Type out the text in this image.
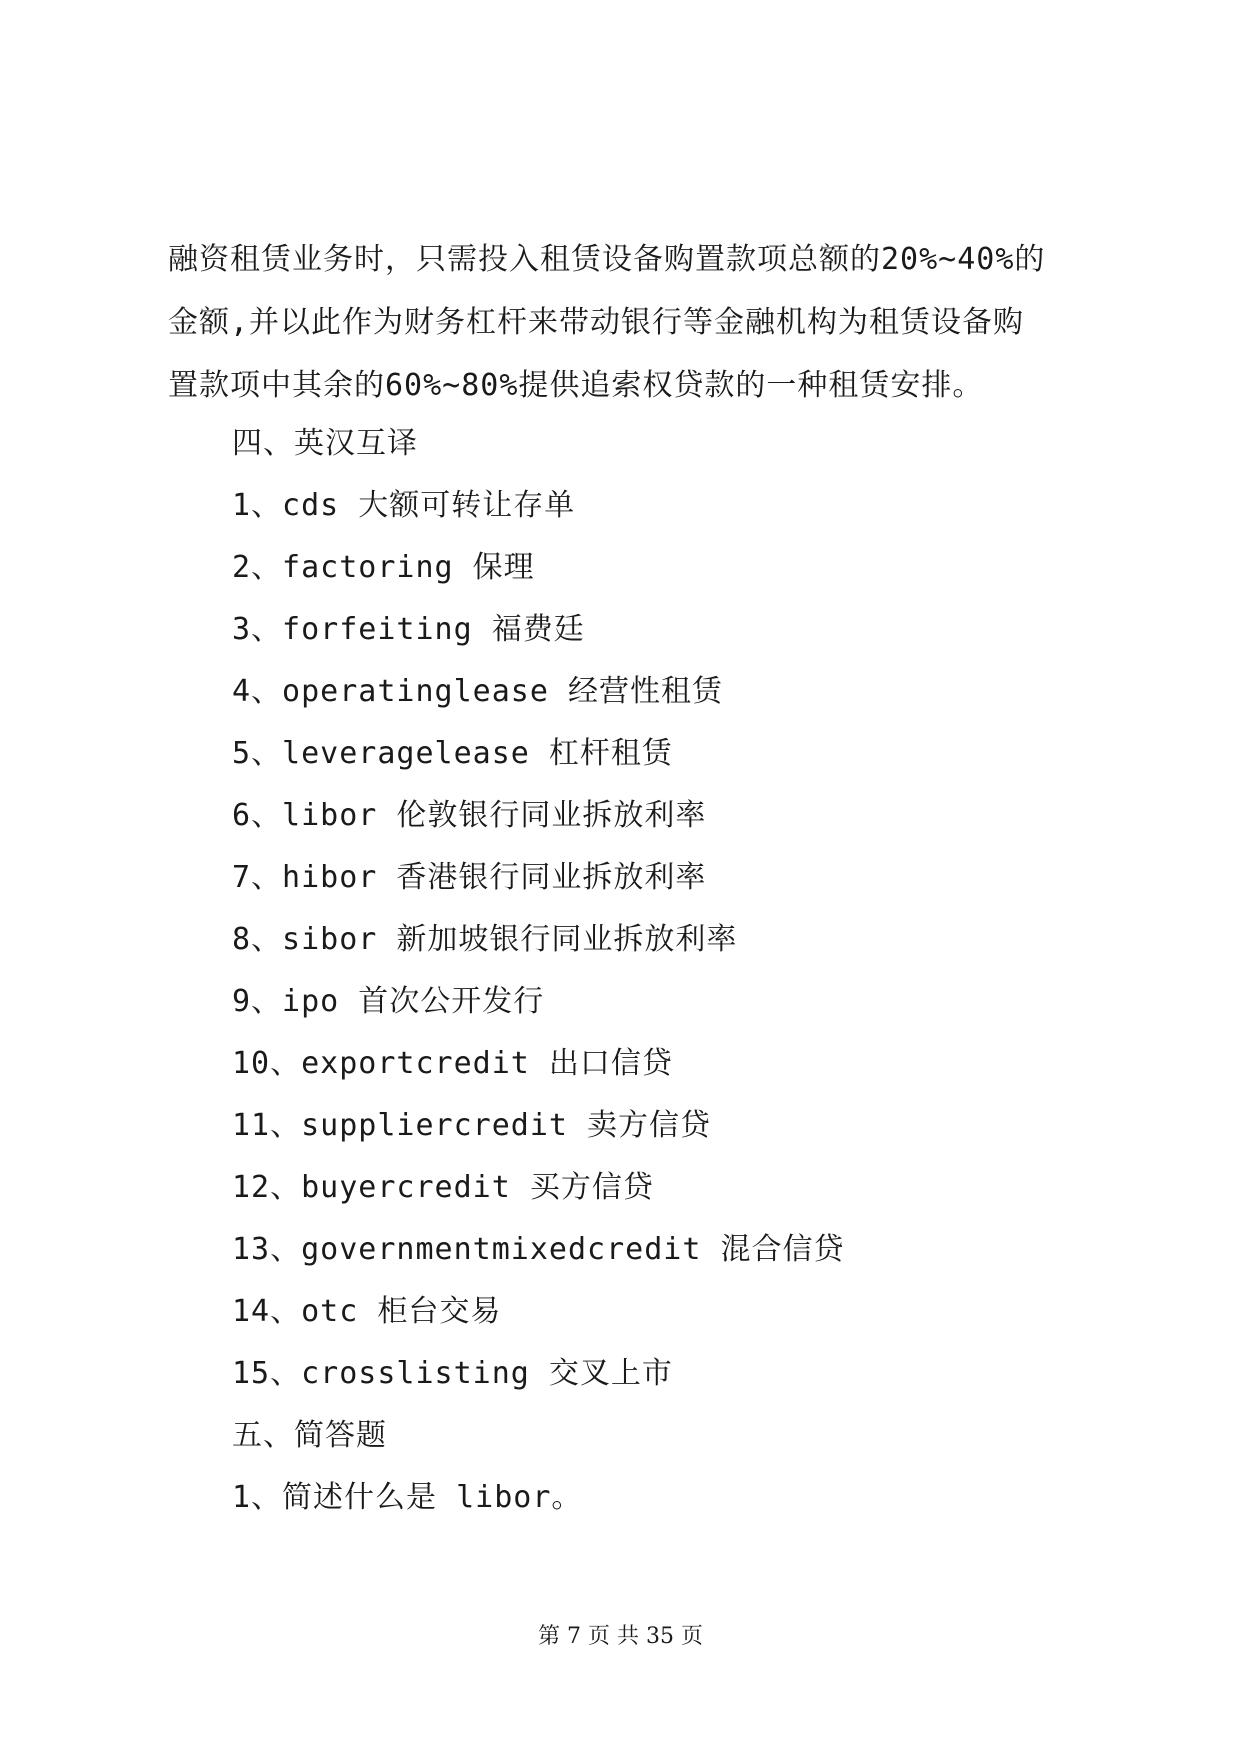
融资租赁业务时，只需投入租赁设备购置款项总额的20%~40%的
金额,并以此作为财务杠杆来带动银行等金融机构为租赁设备购
置款项中其余的60%~80%提供追索权贷款的一种租赁安排。
四、英汉互译
1、cds 大额可转让存单
2、factoring 保理
3、forfeiting 福费廷
4、operatinglease 经营性租赁
5、leveragelease 杠杆租赁
6、libor 伦敦银行同业拆放利率
7、hibor 香港银行同业拆放利率
8、sibor 新加坡银行同业拆放利率
9、ipo 首次公开发行
10、exportcredit 出口信贷
11、suppliercredit 卖方信贷
12、buyercredit 买方信贷
13、governmentmixedcredit 混合信贷
14、otc 柜台交易
15、crosslisting 交叉上市
五、简答题
1、简述什么是 libor。
第 7 页 共 35 页
